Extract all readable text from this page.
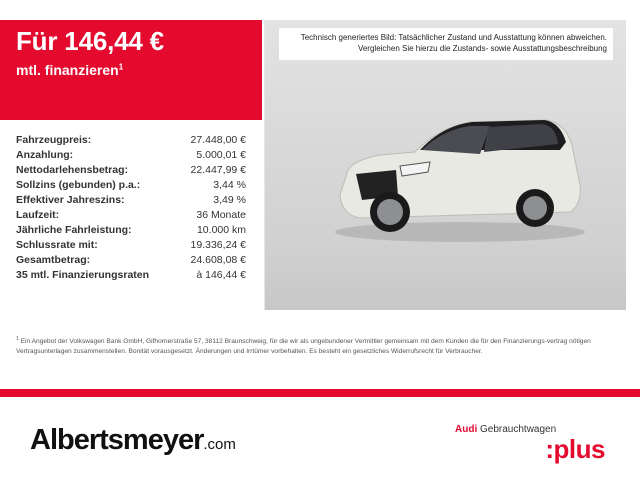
Für 146,44 €
mtl. finanzieren$^1$
Fahrzeugpreis:	27.448,00 €
Anzahlung:	5.000,01 €
Nettodarlehensbetrag:	22.447,99 €
Sollzins (gebunden) p.a.:	3,44 %
Effektiver Jahreszins:	3,49 %
Laufzeit:	36 Monate
Jährliche Fahrleistung:	10.000 km
Schlussrate mit:	19.336,24 €
Gesamtbetrag:	24.608,08 €
35 mtl. Finanzierungsraten	à 146,44 €
Technisch generiertes Bild: Tatsächlicher Zustand und Ausstattung können abweichen. Vergleichen Sie hierzu die Zustands- sowie Ausstattungsbeschreibung
$^1$ Ein Angebot der Volkswagen Bank GmbH, Gifhornerstraße 57, 38112 Braunschweig, für die wir als ungebundener Vermittler gemeinsam mit dem Kunden die für den Finanzierungs-vertrag nötigen Vertragsunterlagen zusammenstellen. Bonität vorausgesetzt. Änderungen und Irrtümer vorbehalten. Es besteht ein gesetzliches Widerrufsrecht für Verbraucher.
Albertsmeyer.com
Audi Gebrauchtwagen
:plus
